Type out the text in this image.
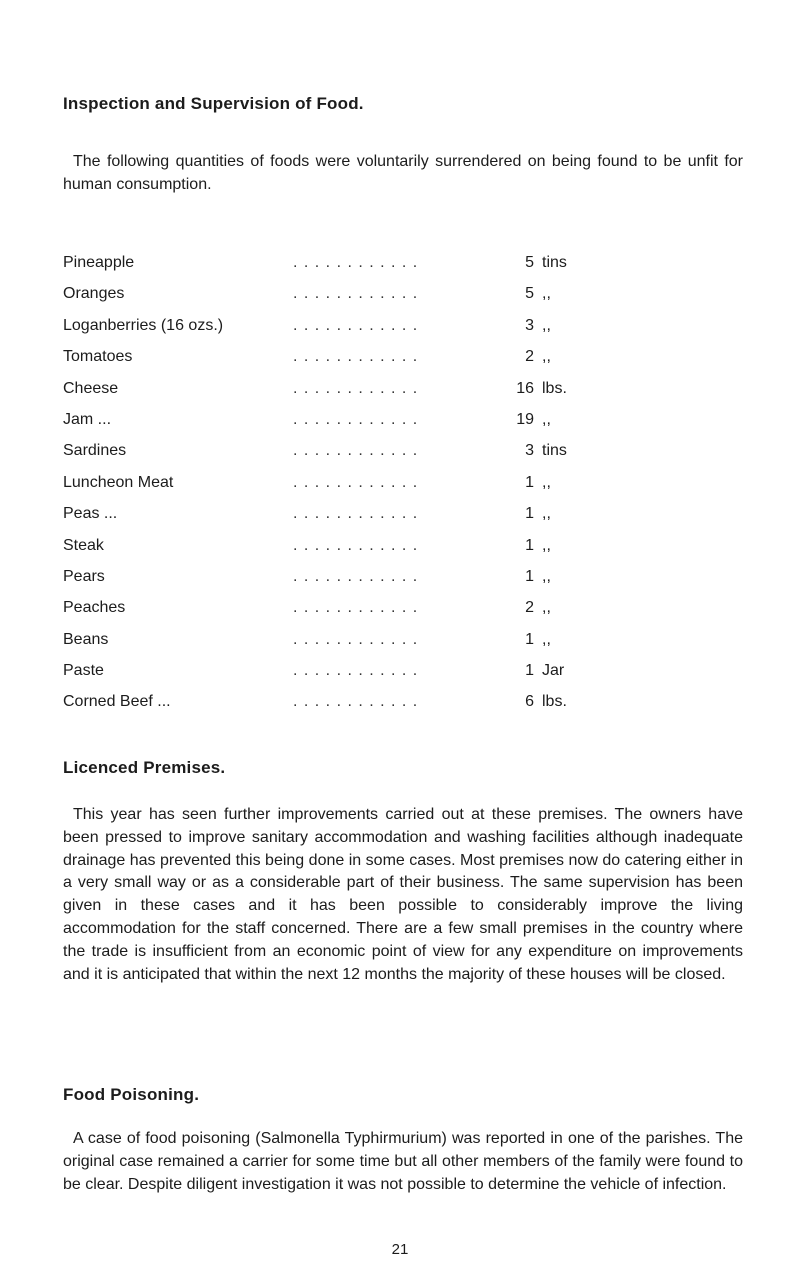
Inspection and Supervision of Food.

The following quantities of foods were voluntarily surrendered on being found to be unfit for human consumption.

Pineapple	. . . . . . . . . . . .	5 tins
Oranges	. . . . . . . . . . . .	5 ,,
Loganberries (16 ozs.)	. . . . . . . . . . . .	3 ,,
Tomatoes	. . . . . . . . . . . .	2 ,,
Cheese	. . . . . . . . . . . .	16 lbs.
Jam ...	. . . . . . . . . . . .	19 ,,
Sardines	. . . . . . . . . . . .	3 tins
Luncheon Meat	. . . . . . . . . . . .	1 ,,
Peas ...	. . . . . . . . . . . .	1 ,,
Steak	. . . . . . . . . . . .	1 ,,
Pears	. . . . . . . . . . . .	1 ,,
Peaches	. . . . . . . . . . . .	2 ,,
Beans	. . . . . . . . . . . .	1 ,,
Paste	. . . . . . . . . . . .	1 Jar
Corned Beef ...	. . . . . . . . . . . .	6 lbs.
Licenced Premises.

This year has seen further improvements carried out at these premises. The owners have been pressed to improve sanitary accommodation and washing facilities although inadequate drainage has prevented this being done in some cases. Most premises now do catering either in a very small way or as a considerable part of their business. The same supervision has been given in these cases and it has been possible to considerably improve the living accommodation for the staff concerned. There are a few small premises in the country where the trade is insufficient from an economic point of view for any expenditure on improvements and it is anticipated that within the next 12 months the majority of these houses will be closed.

Food Poisoning.

A case of food poisoning (Salmonella Typhirmurium) was reported in one of the parishes. The original case remained a carrier for some time but all other members of the family were found to be clear. Despite diligent investigation it was not possible to determine the vehicle of infection.

21
